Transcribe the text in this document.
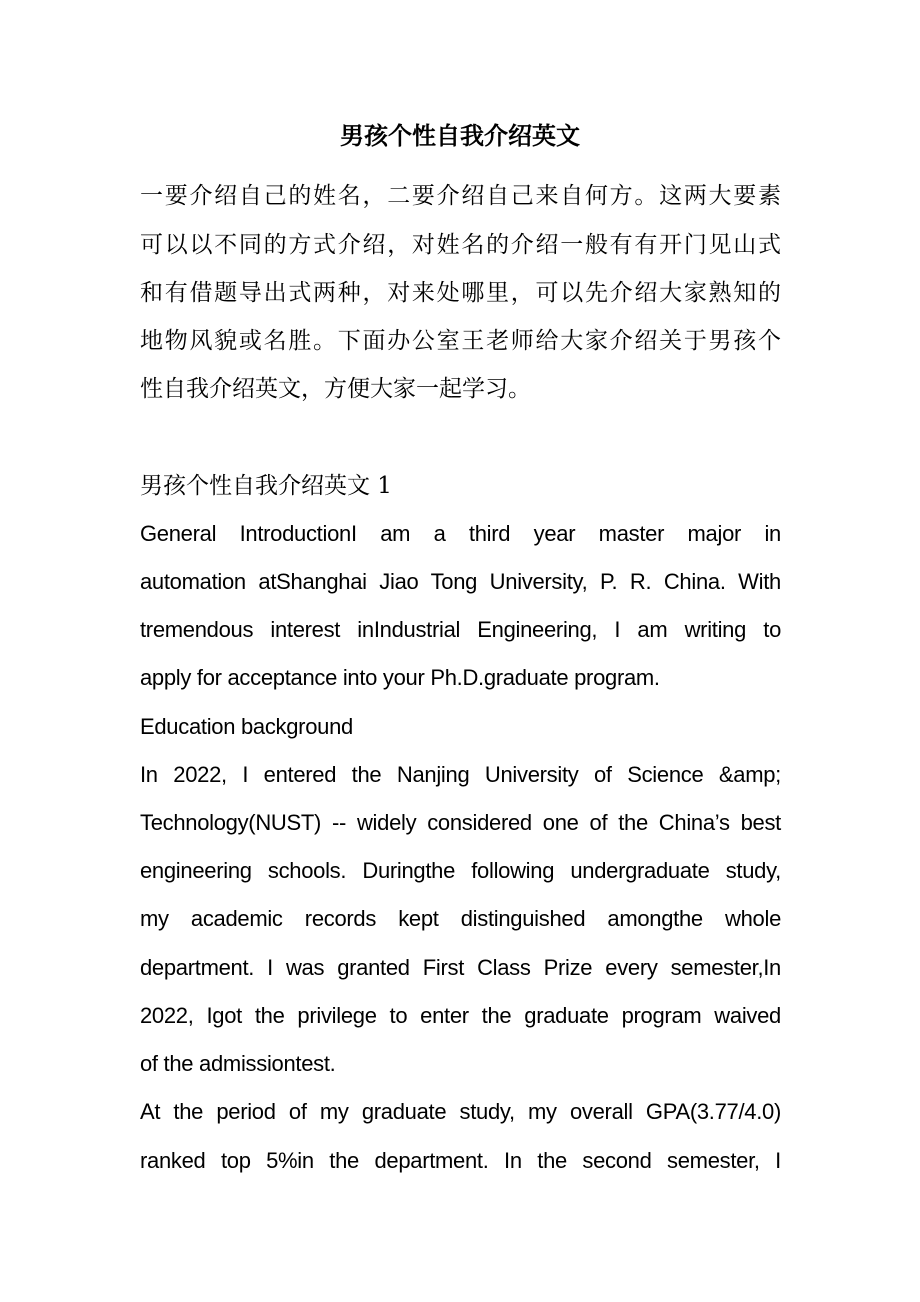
男孩个性自我介绍英文
一​要​介​绍​自​己​的​姓​名​，​二​要​介​绍​自​己​来​自​何​方​。​这​两​大​要​素
可​以​以​不​同​的​方​式​介​绍​，​对​姓​名​的​介​绍​一​般​有​有​开​门​见​山​式
和​有​借​题​导​出​式​两​种​，​对​来​处​哪​里​，​可​以​先​介​绍​大​家​熟​知​的
地​物​风​貌​或​名​胜​。​下​面​办​公​室​王​老​师​给​大​家​介​绍​关​于​男​孩​个
性自我介绍英文，方便大家一起学习。
男孩个性自我介绍英文 1
General IntroductionI am a third year master major in
automation atShanghai Jiao Tong University, P. R. China. With
tremendous interest inIndustrial Engineering, I am writing to
apply for acceptance into your Ph.D.graduate program.
Education background
In 2022, I entered the Nanjing University of Science &amp;
Technology(NUST) -- widely considered one of the China’s best
engineering schools. Duringthe following undergraduate study,
my academic records kept distinguished amongthe whole
department. I was granted First Class Prize every semester,In
2022, Igot the privilege to enter the graduate program waived
of the admissiontest.
At the period of my graduate study, my overall GPA(3.77/4.0)
ranked top 5%in the department. In the second semester, I
